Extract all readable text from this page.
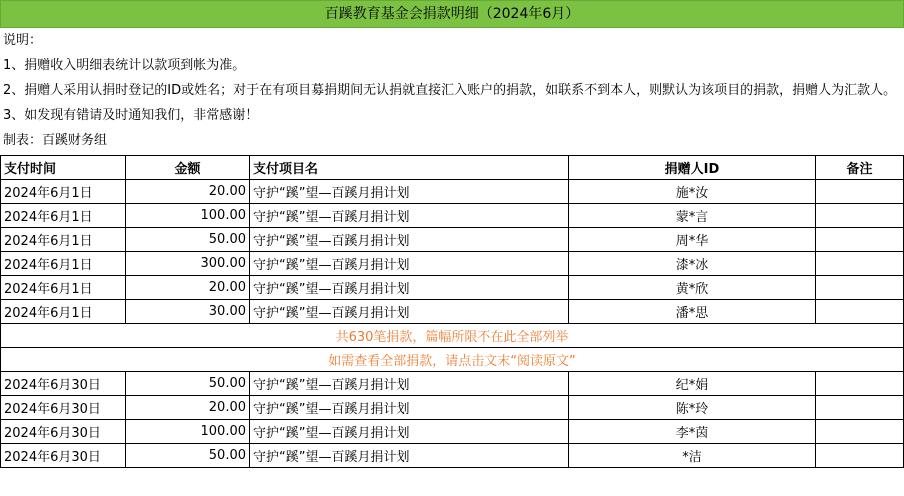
百蹊教育基金会捐款明细（2024年6月）
说明：
1、捐赠收入明细表统计以款项到帐为准。
2、捐赠人采用认捐时登记的ID或姓名；对于在有项目募捐期间无认捐就直接汇入账户的捐款，如联系不到本人，则默认为该项目的捐款，捐赠人为汇款人。
3、如发现有错请及时通知我们，非常感谢！
制表：百蹊财务组
支付时间	金额	支付项目名	捐赠人ID	备注
2024年6月1日	20.00	守护“蹊”望—百蹊月捐计划	施*汝	
2024年6月1日	100.00	守护“蹊”望—百蹊月捐计划	蒙*言	
2024年6月1日	50.00	守护“蹊”望—百蹊月捐计划	周*华	
2024年6月1日	300.00	守护“蹊”望—百蹊月捐计划	漆*冰	
2024年6月1日	20.00	守护“蹊”望—百蹊月捐计划	黄*欣	
2024年6月1日	30.00	守护“蹊”望—百蹊月捐计划	潘*思	
共630笔捐款，篇幅所限不在此全部列举				
如需查看全部捐款，请点击文末“阅读原文”				
2024年6月30日	50.00	守护“蹊”望—百蹊月捐计划	纪*娟	
2024年6月30日	20.00	守护“蹊”望—百蹊月捐计划	陈*玲	
2024年6月30日	100.00	守护“蹊”望—百蹊月捐计划	李*茵	
2024年6月30日	50.00	守护“蹊”望—百蹊月捐计划	*洁	
